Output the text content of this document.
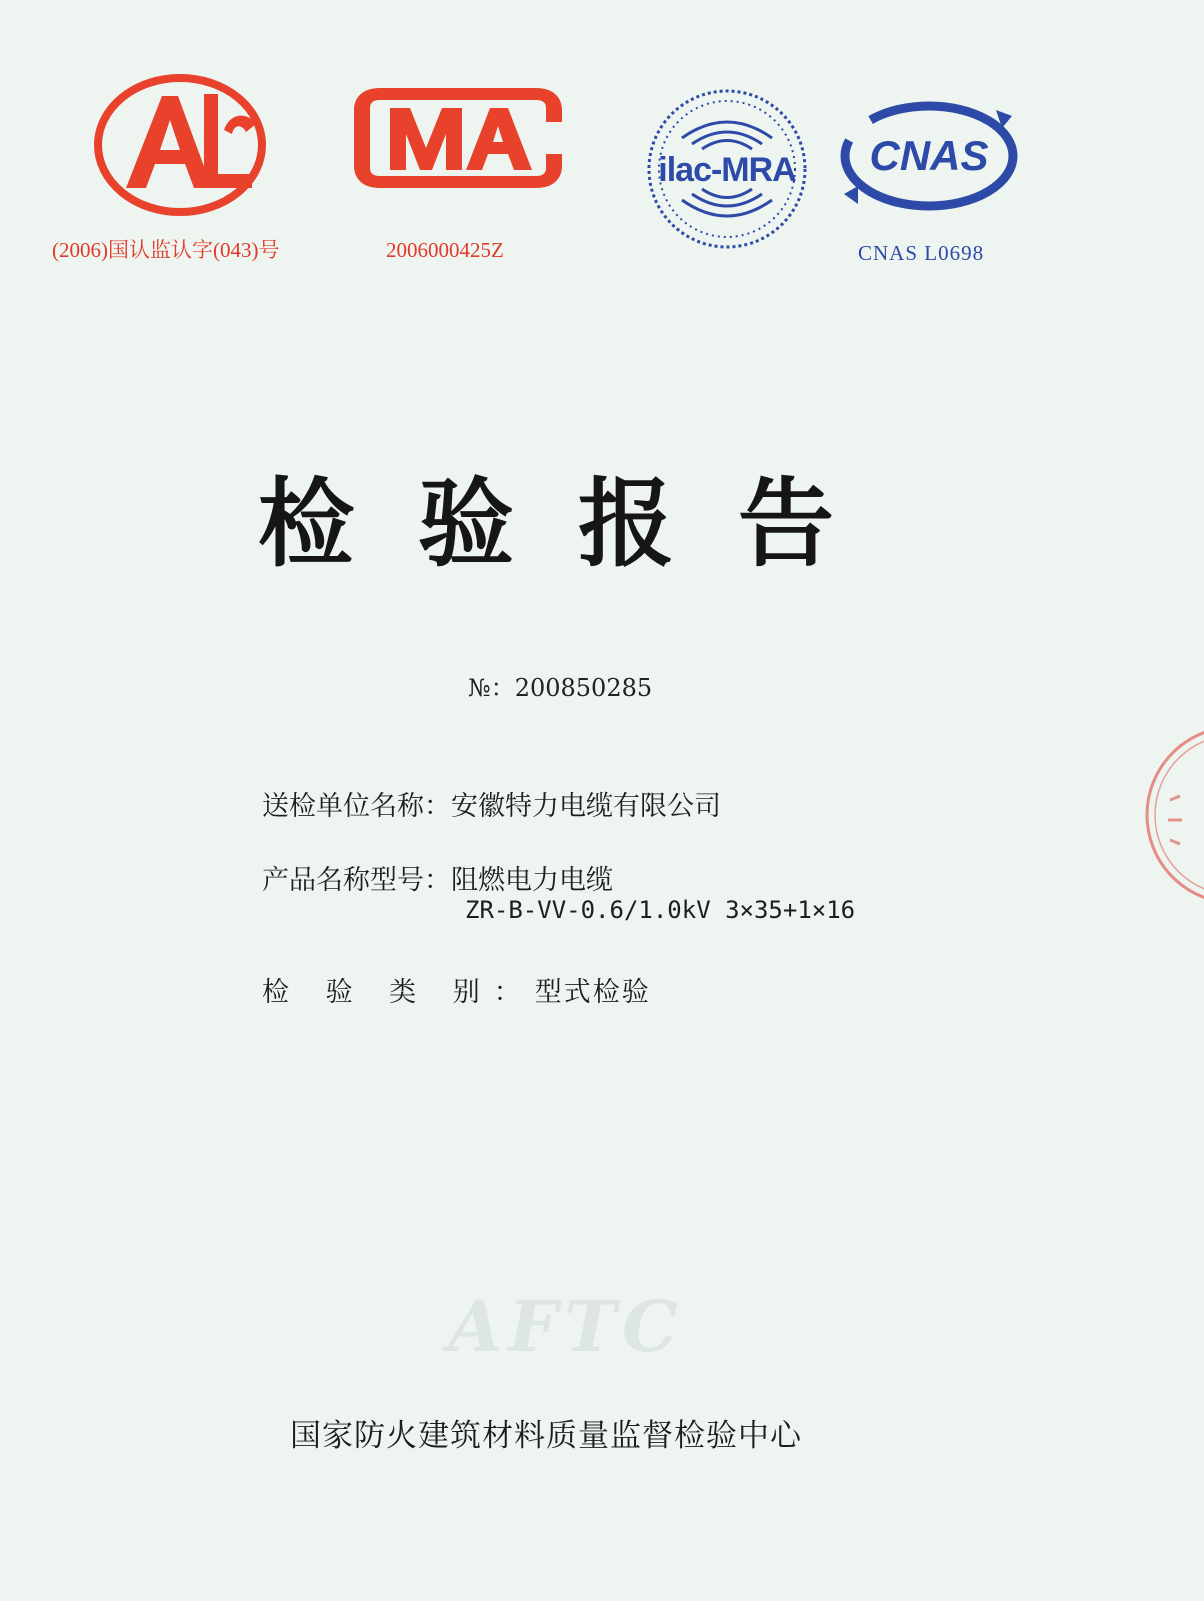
(2006)国认监认字(043)号	2006000425Z
ilac-MRA CNAS
CNAS L0698
检验报告
№：200850285
送检单位名称：安徽特力电缆有限公司
产品名称型号：阻燃电力电缆
ZR-B-VV-0.6/1.0kV 3×35+1×16
检 验 类 别：型式检验
AFTC
国家防火建筑材料质量监督检验中心
